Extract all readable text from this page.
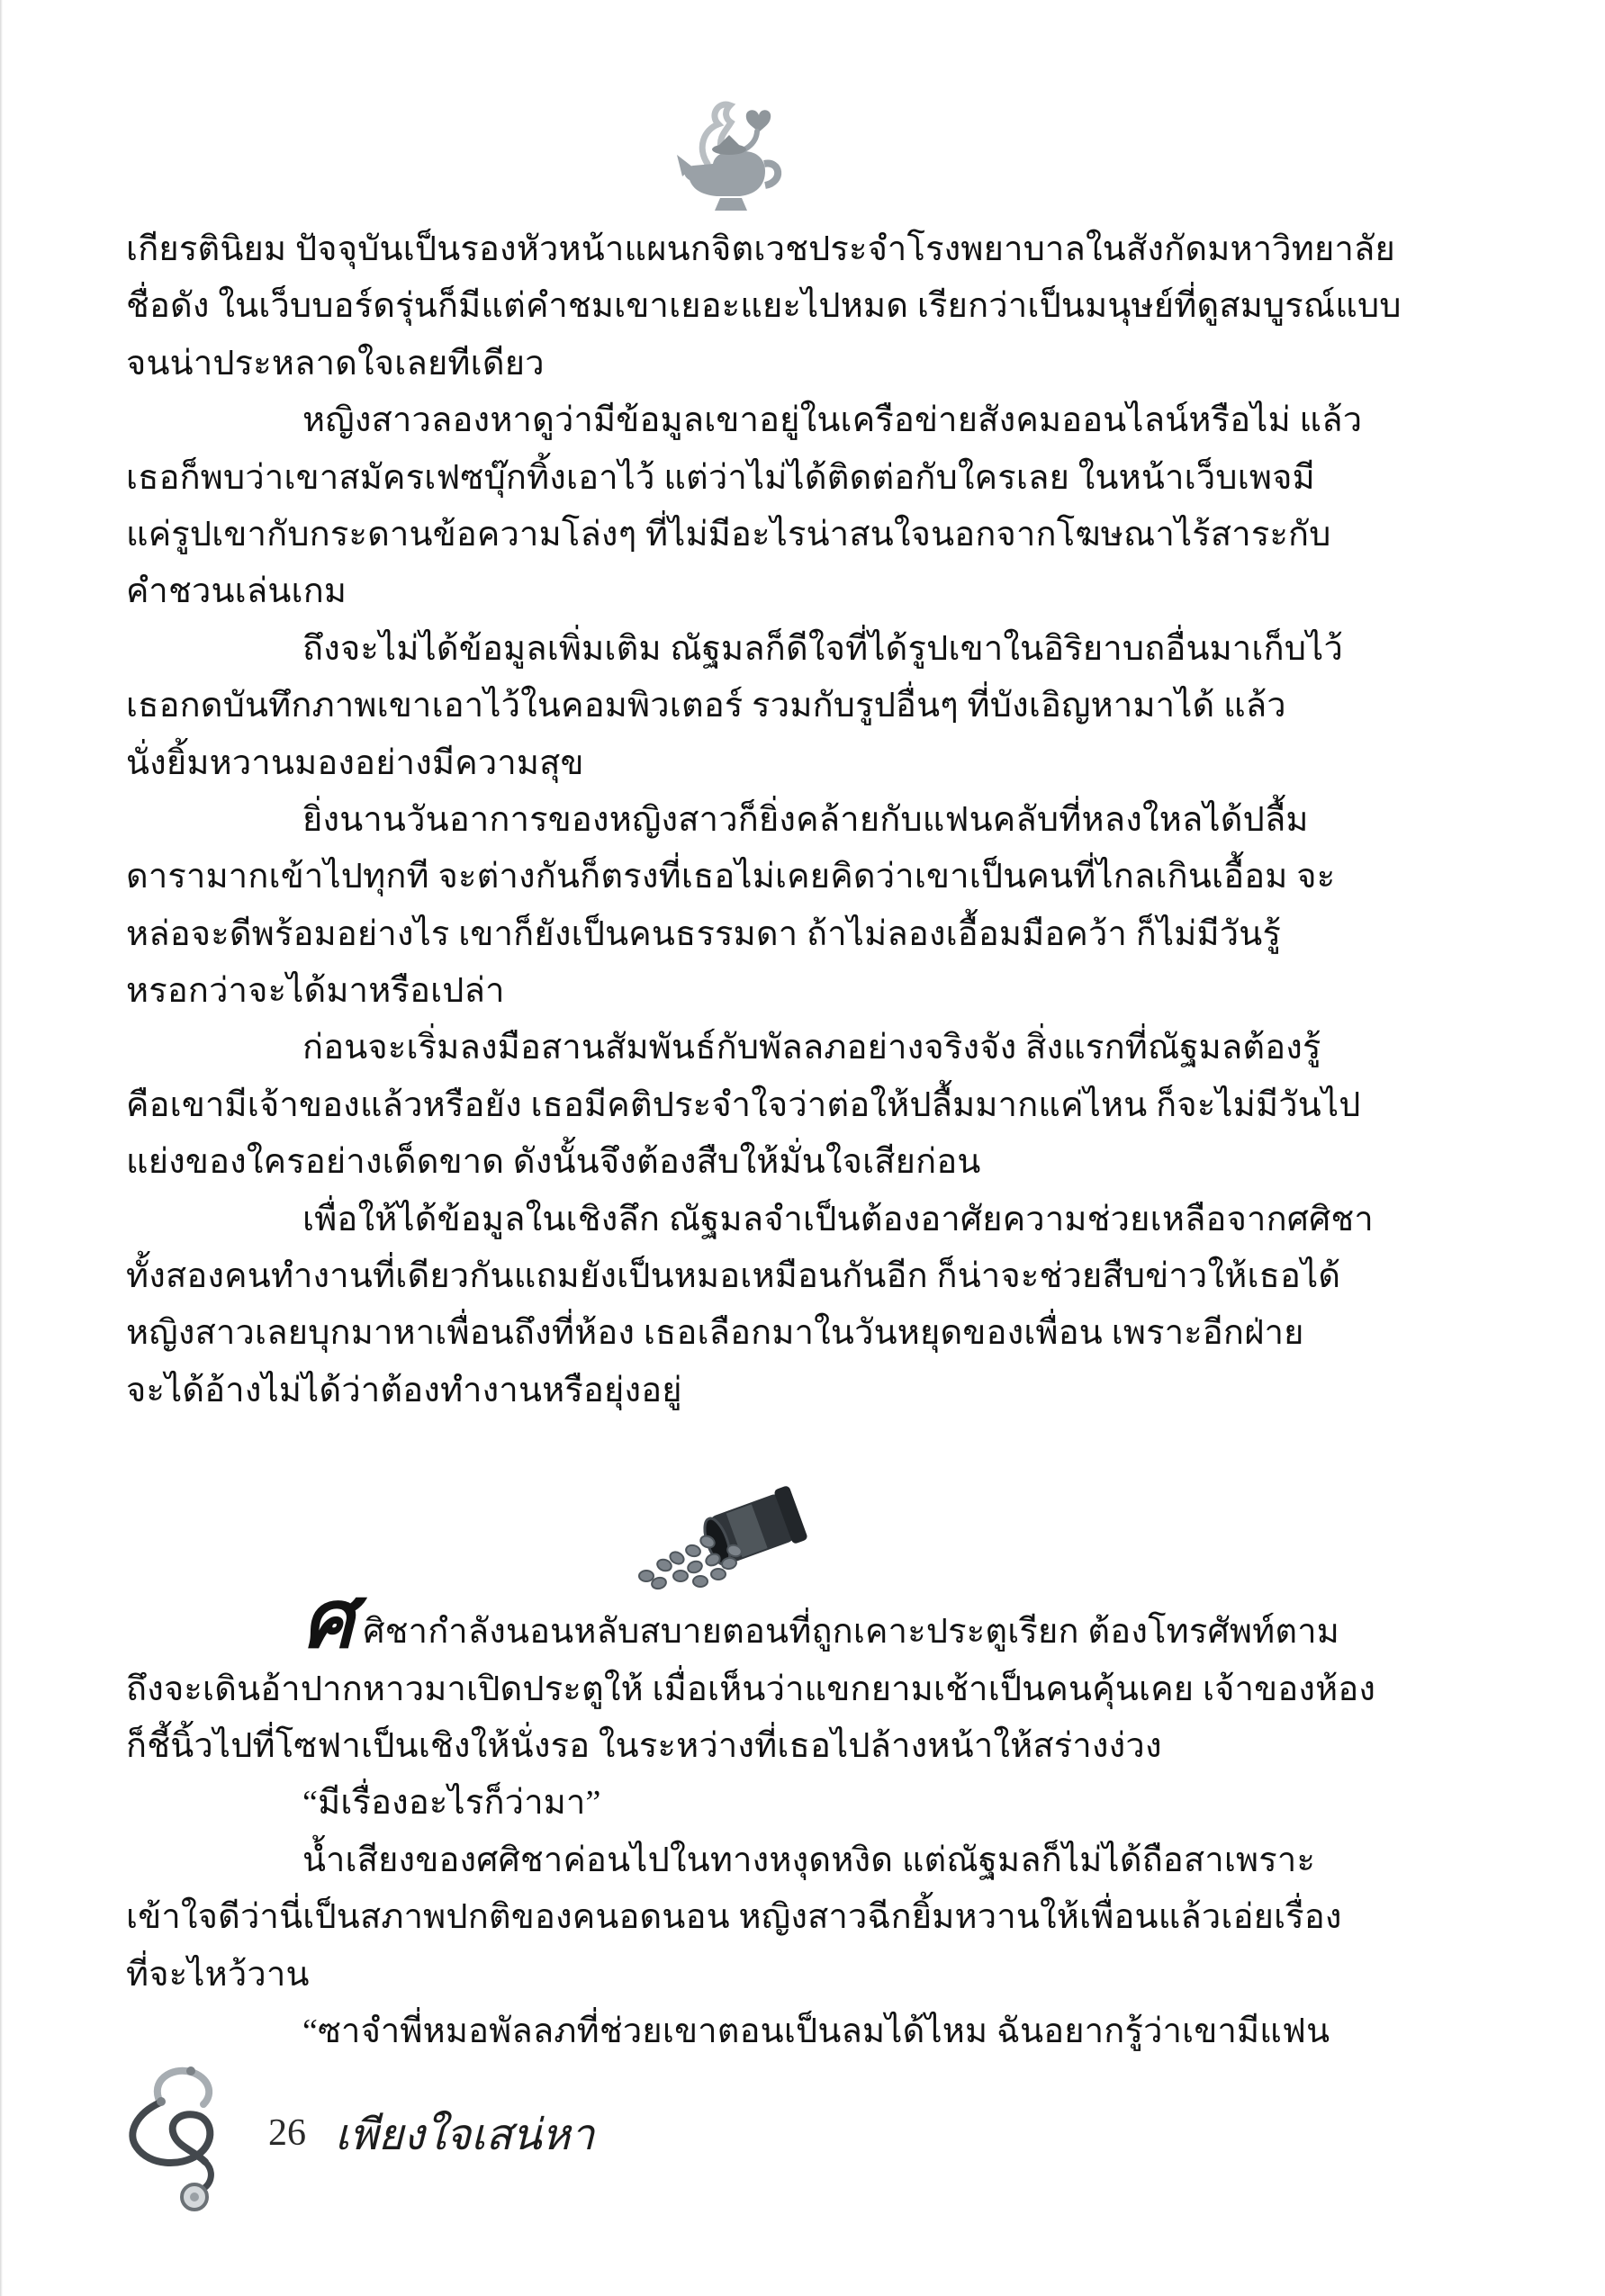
เกียรตินิยม ปัจจุบันเป็นรองหัวหน้าแผนกจิตเวชประจำโรงพยาบาลในสังกัดมหาวิทยาลัย
ชื่อดัง ในเว็บบอร์ดรุ่นก็มีแต่คำชมเขาเยอะแยะไปหมด เรียกว่าเป็นมนุษย์ที่ดูสมบูรณ์แบบ
จนน่าประหลาดใจเลยทีเดียว
หญิงสาวลองหาดูว่ามีข้อมูลเขาอยู่ในเครือข่ายสังคมออนไลน์หรือไม่ แล้ว
เธอก็พบว่าเขาสมัครเฟซบุ๊กทิ้งเอาไว้ แต่ว่าไม่ได้ติดต่อกับใครเลย ในหน้าเว็บเพจมี
แค่รูปเขากับกระดานข้อความโล่งๆ ที่ไม่มีอะไรน่าสนใจนอกจากโฆษณาไร้สาระกับ
คำชวนเล่นเกม
ถึงจะไม่ได้ข้อมูลเพิ่มเติม ณัฐมลก็ดีใจที่ได้รูปเขาในอิริยาบถอื่นมาเก็บไว้
เธอกดบันทึกภาพเขาเอาไว้ในคอมพิวเตอร์ รวมกับรูปอื่นๆ ที่บังเอิญหามาได้ แล้ว
นั่งยิ้มหวานมองอย่างมีความสุข
ยิ่งนานวันอาการของหญิงสาวก็ยิ่งคล้ายกับแฟนคลับที่หลงใหลได้ปลื้ม
ดารามากเข้าไปทุกที จะต่างกันก็ตรงที่เธอไม่เคยคิดว่าเขาเป็นคนที่ไกลเกินเอื้อม จะ
หล่อจะดีพร้อมอย่างไร เขาก็ยังเป็นคนธรรมดา ถ้าไม่ลองเอื้อมมือคว้า ก็ไม่มีวันรู้
หรอกว่าจะได้มาหรือเปล่า
ก่อนจะเริ่มลงมือสานสัมพันธ์กับพัลลภอย่างจริงจัง สิ่งแรกที่ณัฐมลต้องรู้
คือเขามีเจ้าของแล้วหรือยัง เธอมีคติประจำใจว่าต่อให้ปลื้มมากแค่ไหน ก็จะไม่มีวันไป
แย่งของใครอย่างเด็ดขาด ดังนั้นจึงต้องสืบให้มั่นใจเสียก่อน
เพื่อให้ได้ข้อมูลในเชิงลึก ณัฐมลจำเป็นต้องอาศัยความช่วยเหลือจากศศิชา
ทั้งสองคนทำงานที่เดียวกันแถมยังเป็นหมอเหมือนกันอีก ก็น่าจะช่วยสืบข่าวให้เธอได้
หญิงสาวเลยบุกมาหาเพื่อนถึงที่ห้อง เธอเลือกมาในวันหยุดของเพื่อน เพราะอีกฝ่าย
จะได้อ้างไม่ได้ว่าต้องทำงานหรือยุ่งอยู่
ศศิชากำลังนอนหลับสบายตอนที่ถูกเคาะประตูเรียก ต้องโทรศัพท์ตาม
ถึงจะเดินอ้าปากหาวมาเปิดประตูให้ เมื่อเห็นว่าแขกยามเช้าเป็นคนคุ้นเคย เจ้าของห้อง
ก็ชี้นิ้วไปที่โซฟาเป็นเชิงให้นั่งรอ ในระหว่างที่เธอไปล้างหน้าให้สร่างง่วง
“มีเรื่องอะไรก็ว่ามา”
น้ำเสียงของศศิชาค่อนไปในทางหงุดหงิด แต่ณัฐมลก็ไม่ได้ถือสาเพราะ
เข้าใจดีว่านี่เป็นสภาพปกติของคนอดนอน หญิงสาวฉีกยิ้มหวานให้เพื่อนแล้วเอ่ยเรื่อง
ที่จะไหว้วาน
“ซาจำพี่หมอพัลลภที่ช่วยเขาตอนเป็นลมได้ไหม ฉันอยากรู้ว่าเขามีแฟน
26 เพียงใจเสน่หา
